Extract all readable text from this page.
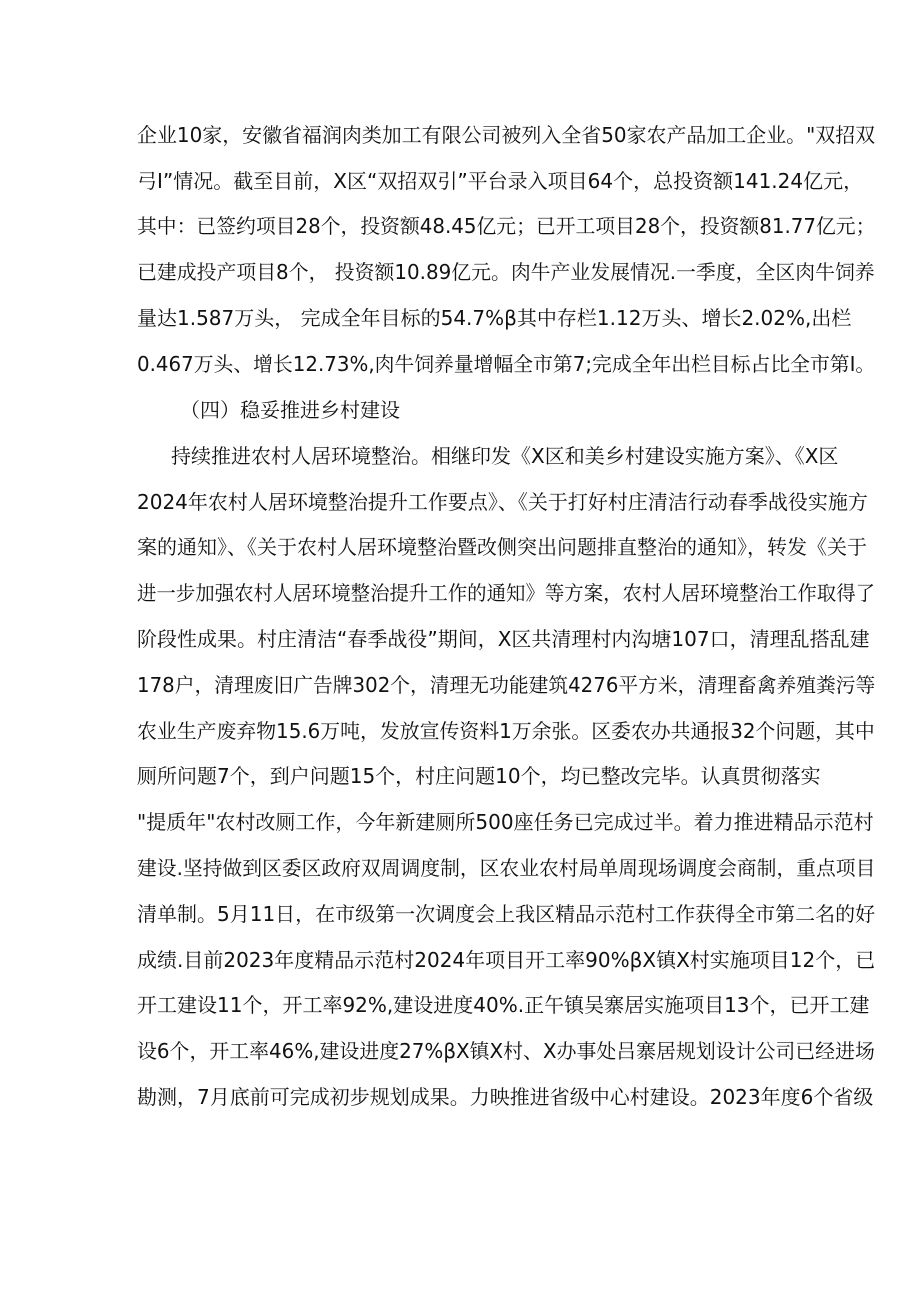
企业10家，安徽省福润肉类加工有限公司被列入全省50家农产品加工企业。"双招双
弓I”情况。截至目前，X区“双招双引”平台录入项目64个，总投资额141.24亿元，
其中：已签约项目28个，投资额48.45亿元；已开工项目28个，投资额81.77亿元；
已建成投产项目8个， 投资额10.89亿元。肉牛产业发展情况.一季度，全区肉牛饲养
量达1.587万头， 完成全年目标的54.7%β其中存栏1.12万头、增长2.02%,出栏
0.467万头、增长12.73%,肉牛饲养量增幅全市第7;完成全年出栏目标占比全市第I。
（四）稳妥推进乡村建设
持续推进农村人居环境整治。相继印发《X区和美乡村建设实施方案》、《X区
2024年农村人居环境整治提升工作要点》、《关于打好村庄清洁行动春季战役实施方
案的通知》、《关于农村人居环境整治暨改侧突出问题排直整治的通知》，转发《关于
进一步加强农村人居环境整治提升工作的通知》等方案，农村人居环境整治工作取得了
阶段性成果。村庄清洁“春季战役”期间，X区共清理村内沟塘107口，清理乱搭乱建
178户，清理废旧广告牌302个，清理无功能建筑4276平方米，清理畜禽养殖粪污等
农业生产废弃物15.6万吨，发放宣传资料1万余张。区委农办共通报32个问题，其中
厕所问题7个，到户问题15个，村庄问题10个，均已整改完毕。认真贯彻落实
"提质年"农村改厕工作，今年新建厕所500座任务已完成过半。着力推进精品示范村
建设.坚持做到区委区政府双周调度制，区农业农村局单周现场调度会商制，重点项目
清单制。5月11日，在市级第一次调度会上我区精品示范村工作获得全市第二名的好
成绩.目前2023年度精品示范村2024年项目开工率90%βX镇X村实施项目12个，已
开工建设11个，开工率92%,建设进度40%.正午镇吴寨居实施项目13个，已开工建
设6个，开工率46%,建设进度27%βX镇X村、X办事处吕寨居规划设计公司已经进场
勘测，7月底前可完成初步规划成果。力映推进省级中心村建设。2023年度6个省级
